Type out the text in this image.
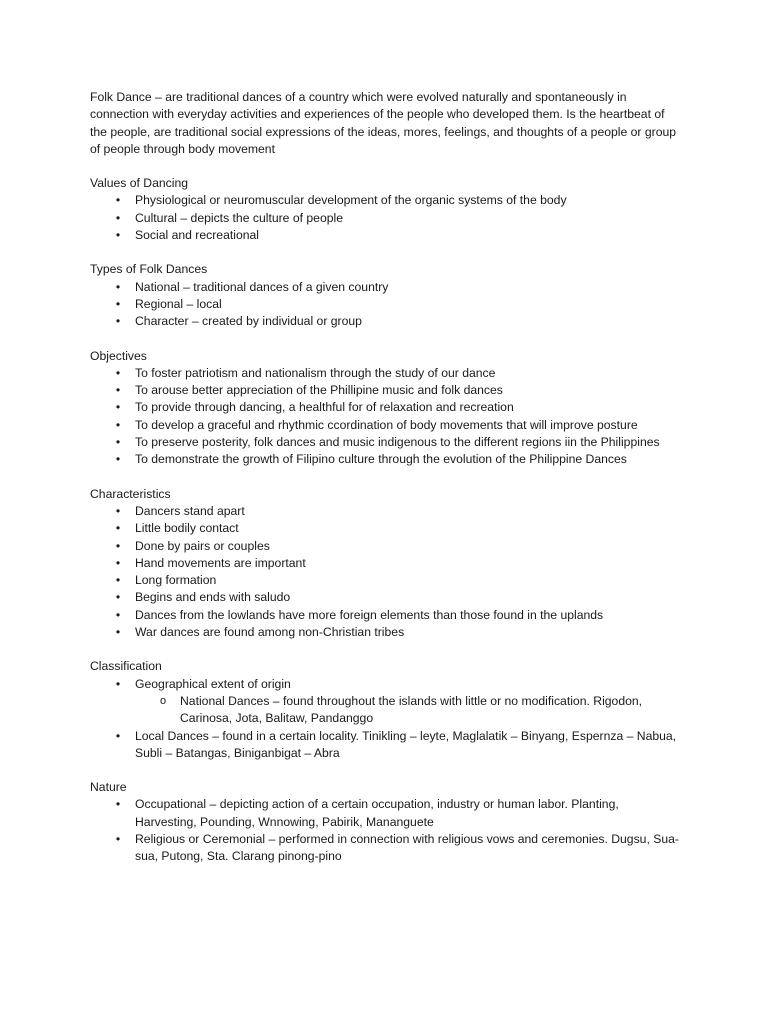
Folk Dance – are traditional dances of a country which were evolved naturally and spontaneously in connection with everyday activities and experiences of the people who developed them. Is the heartbeat of the people, are traditional social expressions of the ideas, mores, feelings, and thoughts of a people or group of people through body movement

Values of Dancing

•	Physiological or neuromuscular development of the organic systems of the body
•	Cultural – depicts the culture of people
•	Social and recreational

Types of Folk Dances

•	National – traditional dances of a given country
•	Regional – local
•	Character – created by individual or group

Objectives

•	To foster patriotism and nationalism through the study of our dance
•	To arouse better appreciation of the Phillipine music and folk dances
•	To provide through dancing, a healthful for of relaxation and recreation
•	To develop a graceful and rhythmic ccordination of body movements that will improve posture
•	To preserve posterity, folk dances and music indigenous to the different regions iin the Philippines
•	To demonstrate the growth of Filipino culture through the evolution of the Philippine Dances

Characteristics

•	Dancers stand apart
•	Little bodily contact
•	Done by pairs or couples
•	Hand movements are important
•	Long formation
•	Begins and ends with saludo
•	Dances from the lowlands have more foreign elements than those found in the uplands
•	War dances are found among non-Christian tribes

Classification

•	Geographical extent of origin
o National Dances – found throughout the islands with little or no modification. Rigodon, Carinosa, Jota, Balitaw, Pandanggo
•	Local Dances – found in a certain locality. Tinikling – leyte, Maglalatik – Binyang, Espernza – Nabua, Subli – Batangas, Biniganbigat – Abra

Nature

•	Occupational – depicting action of a certain occupation, industry or human labor. Planting, Harvesting, Pounding, Wnnowing, Pabirik, Mananguete
•	Religious or Ceremonial – performed in connection with religious vows and ceremonies. Dugsu, Sua- sua, Putong, Sta. Clarang pinong-pino
